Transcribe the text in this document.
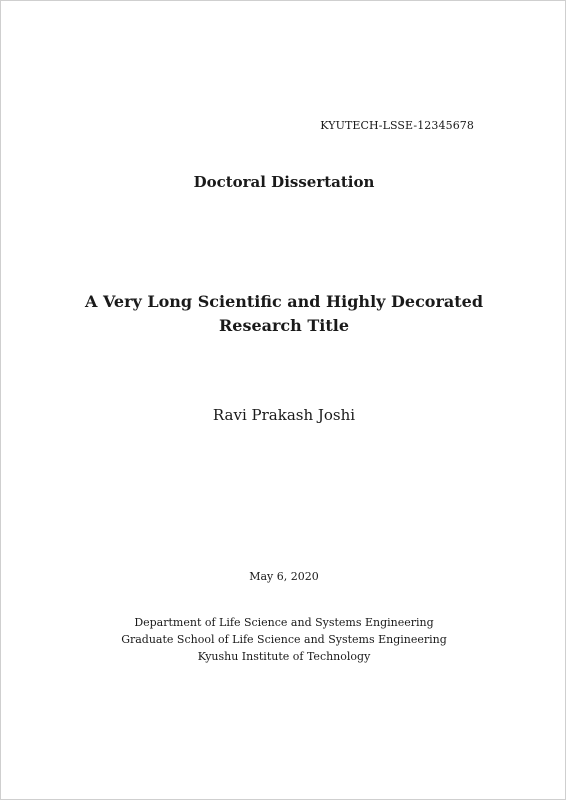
KYUTECH-LSSE-12345678
Doctoral Dissertation
A Very Long Scientific and Highly Decorated
Research Title
Ravi Prakash Joshi
May 6, 2020
Department of Life Science and Systems Engineering
Graduate School of Life Science and Systems Engineering
Kyushu Institute of Technology
